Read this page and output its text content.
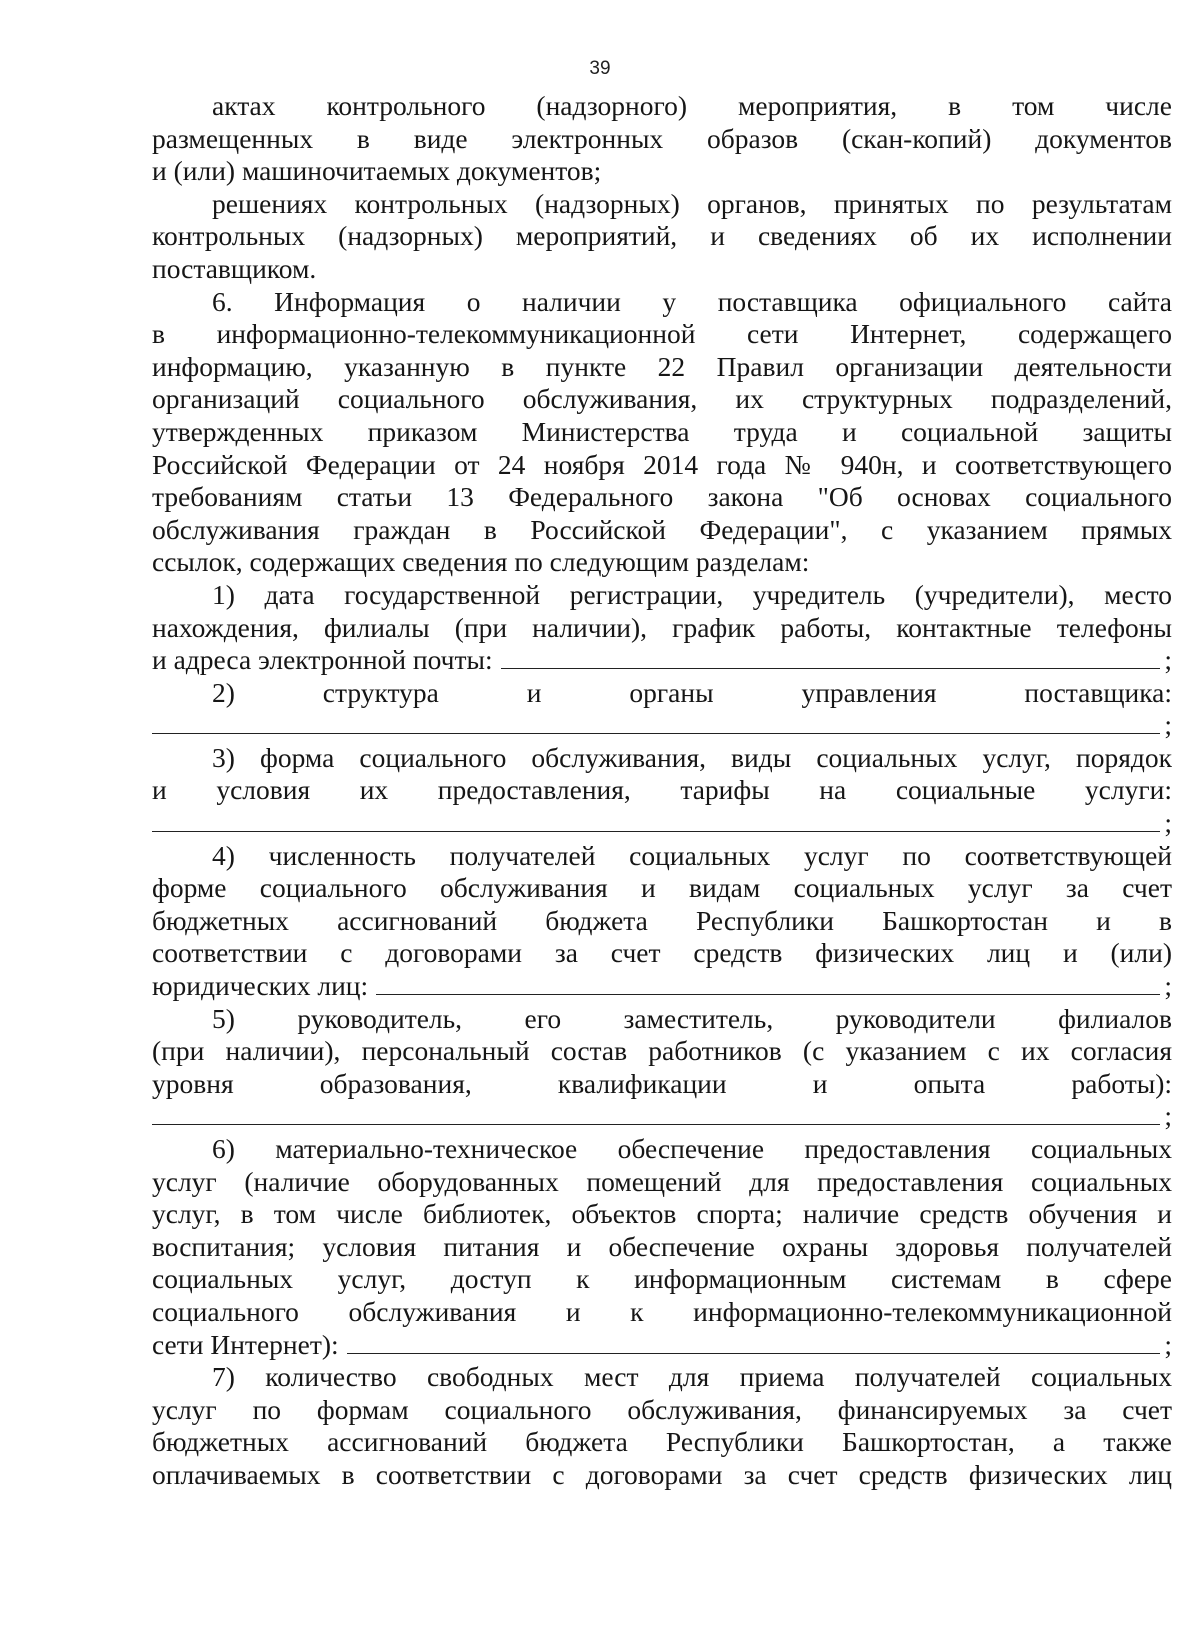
39
актах контрольного (надзорного) мероприятия, в том числе
размещенных в виде электронных образов (скан-копий) документов
и (или) машиночитаемых документов;
решениях контрольных (надзорных) органов, принятых по результатам
контрольных (надзорных) мероприятий, и сведениях об их исполнении
поставщиком.
6. Информация о наличии у поставщика официального сайта
в информационно-телекоммуникационной сети Интернет, содержащего
информацию, указанную в пункте 22 Правил организации деятельности
организаций социального обслуживания, их структурных подразделений,
утвержденных приказом Министерства труда и социальной защиты
Российской Федерации от 24 ноября 2014 года № 940н, и соответствующего
требованиям статьи 13 Федерального закона "Об основах социального
обслуживания граждан в Российской Федерации", с указанием прямых
ссылок, содержащих сведения по следующим разделам:
1) дата государственной регистрации, учредитель (учредители), место
нахождения, филиалы (при наличии), график работы, контактные телефоны
и адреса электронной почты:	;
2) структура и органы управления поставщика:
;
3) форма социального обслуживания, виды социальных услуг, порядок
и условия их предоставления, тарифы на социальные услуги:
;
4) численность получателей социальных услуг по соответствующей
форме социального обслуживания и видам социальных услуг за счет
бюджетных ассигнований бюджета Республики Башкортостан и в
соответствии с договорами за счет средств физических лиц и (или)
юридических лиц:	;
5) руководитель, его заместитель, руководители филиалов
(при наличии), персональный состав работников (с указанием с их согласия
уровня образования, квалификации и опыта работы):
;
6) материально-техническое обеспечение предоставления социальных
услуг (наличие оборудованных помещений для предоставления социальных
услуг, в том числе библиотек, объектов спорта; наличие средств обучения и
воспитания; условия питания и обеспечение охраны здоровья получателей
социальных услуг, доступ к информационным системам в сфере
социального обслуживания и к информационно-телекоммуникационной
сети Интернет):	;
7) количество свободных мест для приема получателей социальных
услуг по формам социального обслуживания, финансируемых за счет
бюджетных ассигнований бюджета Республики Башкортостан, а также
оплачиваемых в соответствии с договорами за счет средств физических лиц
